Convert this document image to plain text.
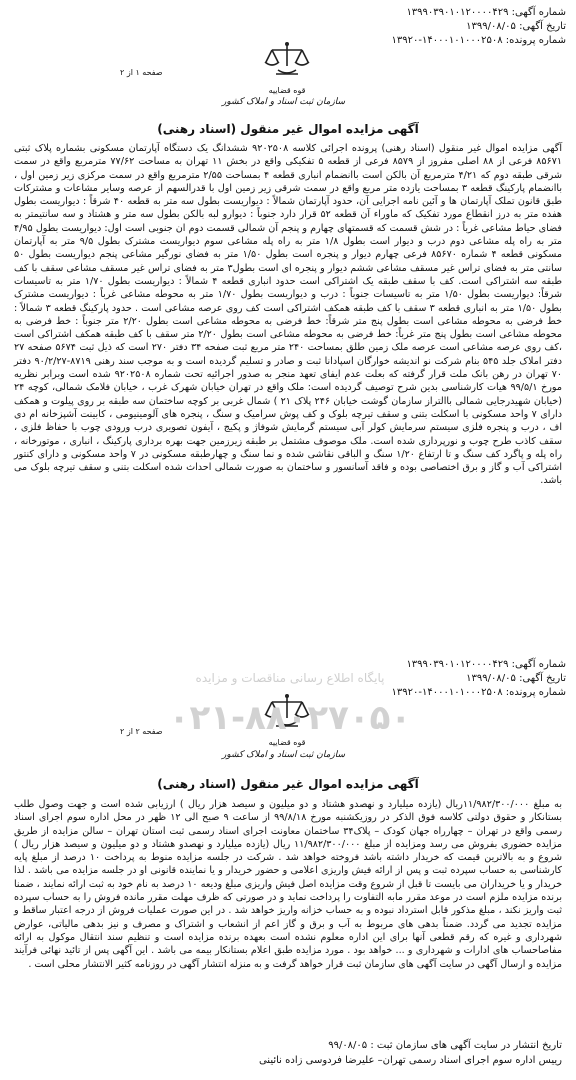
شماره آگهی: ۱۳۹۹۰۳۹۰۱۰۱۲۰۰۰۰۴۲۹
تاریخ آگهی: ۱۳۹۹/۰۸/۰۵
شماره پرونده: ۱۴۰۰۰۱۰۱۰۰۰۲۵۰۸-۱۳۹۲۰
قوه قضاییه
سازمان ثبت اسناد و املاک کشور
صفحه ۱ از ۲
آگهی مزایده اموال غیر منقول (اسناد رهنی)

آگهی مزایده اموال غیر منقول (اسناد رهنی) پرونده اجرائی کلاسه ۹۲۰۲۵۰۸ ششدانگ یک دستگاه آپارتمان مسکونی بشماره پلاک ثبتی ۸۵۶۷۱ فرعی از ۸۸ اصلی مفروز از ۸۵۷۹ فرعی از قطعه ۵ تفکیکی واقع در بخش ۱۱ تهران به مساحت ۷۷/۶۲ مترمربع واقع در سمت شرقی طبقه دوم که ۴/۲۱ مترمربع آن بالکن است باانضمام انباری قطعه ۴ بمساحت ۲/۵۵ مترمربع واقع در سمت مرکزی زیر زمین اول ، باانضمام پارکینگ قطعه ۳ بمساحت یازده متر مربع واقع در سمت شرقی زیر زمین اول با قدرالسهم از عرصه وسایر مشاعات و مشترکات طبق قانون تملک آپارتمان ها و آئین نامه اجرایی آن، حدود آپارتمان شمالاً : دیواریست بطول سه متر به قطعه ۴۰ شرقاً : دیواریست بطول هفده متر به درز انقطاع مورد تفکیک که ماوراء آن قطعه ۵۲ قرار دارد جنوباً : دیوارو لبه بالکن بطول سه متر و هشتاد و سه سانتیمتر به فضای حیاط مشاعی غرباً : در شش قسمت که قسمتهای چهارم و پنجم آن شمالی قسمت دوم ان جنوبی است اول: دیواریست بطول ۴/۹۵ متر به راه پله مشاعی دوم درب و دیوار است بطول ۱/۸ متر به راه پله مشاعی سوم دیواریست مشترک بطول ۹/۵ متر به آپارتمان مسکونی قطعه ۴ شماره ۸۵۶۷۰ فرعی چهارم دیوار و پنجره است بطول ۱/۵۰ متر به فضای نورگیر مشاعی پنجم دیواریست بطول ۵۰ سانتی متر به فضای تراس غیر مسقف مشاعی ششم دیوار و پنجره ای است بطول۳ متر به فضای تراس غیر مسقف مشاعی سقف با کف طبقه سه اشتراکی است. کف با سقف طبقه یک اشتراکی است حدود انباری قطعه ۴ شمالاً : دیواریست بطول ۱/۷۰ متر به تاسیسات شرقاً: دیواریست بطول ۱/۵۰ متر به تاسیسات جنوباً : درب و دیواریست بطول ۱/۷۰ متر به محوطه مشاعی غرباً : دیواریست مشترک بطول ۱/۵۰ متر به انباری قطعه ۳ سقف با کف طبقه همکف اشتراکی است کف روی عرصه مشاعی است . حدود پارکینگ قطعه ۳ شمالاً : خط فرضی به محوطه مشاعی است بطول پنج متر شرقاً: خط فرضی به محوطه مشاعی است بطول ۲/۲۰ متر جنوباً : خط فرضی به محوطه مشاعی است بطول پنج متر غرباً: خط فرضی به محوطه مشاعی است بطول ۲/۲۰ متر سقف با کف طبقه همکف اشتراکی است ،کف روی عرصه مشاعی است عرصه ملک زمین طلق بمساحت ۲۴۰ متر مربع ثبت صفحه ۳۴ دفتر ۲۷۰ است که ذیل ثبت ۵۶۷۴ صفحه ۲۷ دفتر املاک جلد ۵۴۵ بنام شرکت نو اندیشه خوارگان اسپادانا ثبت و صادر و تسلیم گردیده است و به موجب سند رهنی ۸۷۱۹-۹۰/۲/۲۷ دفتر ۷۰ تهران در رهن بانک ملت قرار گرفته که بعلت عدم ایفای تعهد منجر به صدور اجرائیه تحت شماره ۹۲۰۲۵۰۸ شده است وبرابر نظریه مورخ ۹۹/۵/۱ هیات کارشناسی بدین شرح توصیف گردیده است: ملک واقع در تهران خیابان شهرک غرب ، خیابان فلامک شمالی، کوچه ۲۴ (خیابان شهیدرجایی شمالی باالتراز سازمان گوشت خیابان ۲۴۶ پلاک ۲۱ ) شمال غربی بر کوچه ساختمان سه طبقه بر روی پیلوت و همکف دارای ۷ واحد مسکونی با اسکلت بتنی و سقف تیرچه بلوک و کف پوش سرامیک و سنگ ، پنجره های آلومینیومی ، کابینت آشپزخانه ام دی اف ، درب و پنجره فلزی سیستم سرمایش کولر آبی سیستم گرمایش شوفاژ و پکیج ، آیفون تصویری درب ورودی چوب با حفاظ فلزی ، سقف کاذب طرح چوب و نورپردازی شده است. ملک موصوف مشتمل بر طبقه زیرزمین جهت بهره برداری پارکینگ ، انباری ، موتورخانه ، راه پله و پاگرد کف سنگ و تا ارتفاع ۱/۲۰ سنگ و الباقی نقاشی شده و نما سنگ و چهارطبقه مسکونی در ۷ واحد مسکونی و دارای کنتور اشتراکی آب و گاز و برق اختصاصی بوده و فاقد آسانسور و ساختمان به صورت شمالی احداث شده اسکلت بتنی و سقف تیرچه بلوک می باشد.

شماره آگهی: ۱۳۹۹۰۳۹۰۱۰۱۲۰۰۰۰۴۲۹
تاریخ آگهی: ۱۳۹۹/۰۸/۰۵
شماره پرونده: ۱۴۰۰۰۱۰۱۰۰۰۲۵۰۸-۱۳۹۲۰
قوه قضاییه
سازمان ثبت اسناد و املاک کشور
صفحه ۲ از ۲
پایگاه اطلاع رسانی مناقصات و مزایده
۰۲۱-۸۸۰۲۷۰۵۰
آگهی مزایده اموال غیر منقول (اسناد رهنی)

به مبلغ ۱۱/۹۸۲/۳۰۰/۰۰۰ریال (یازده میلیارد و نهصدو هشتاد و دو میلیون و سیصد هزار ریال ) ارزیابی شده است و جهت وصول طلب بستانکار و حقوق دولتی کلاسه فوق الذکر در روزیکشنبه مورخ ۹۹/۸/۱۸ از ساعت ۹ صبح الی ۱۲ ظهر در محل اداره سوم اجرای اسناد رسمی واقع در تهران – چهارراه جهان کودک – پلاک۳۴ ساختمان معاونت اجرای اسناد رسمی ثبت استان تهران – سالن مزایده از طریق مزایده حضوری بفروش می رسد ومزایده از مبلغ ۱۱/۹۸۲/۳۰۰/۰۰۰ ریال (یازده میلیارد و نهصدو هشتاد و دو میلیون و سیصد هزار ریال ) شروع و به بالاترین قیمت که خریدار داشته باشد فروخته خواهد شد . شرکت در جلسه مزایده منوط به پرداخت ۱۰ درصد از مبلغ پایه کارشناسی به حساب سپرده ثبت و پس از ارائه فیش واریزی اعلامی و حضور خریدار و یا نماینده قانونی او در جلسه مزایده می باشد . لذا خریدار و یا خریداران می بایست تا قبل از شروع وقت مزایده اصل فیش واریزی مبلغ ودیعه ۱۰ درصد به نام خود به ثبت ارائه نمایند ، ضمنا برنده مزایده ملزم است در موعد مقرر مابه التفاوت را پرداخت نماید و در صورتی که ظرف مهلت مقرر مانده فروش را به حساب سپرده ثبت واریز نکند ، مبلغ مذکور قابل استرداد نبوده و به حساب خزانه واریز خواهد شد . در این صورت عملیات فروش از درجه اعتبار ساقط و مزایده تجدید می گردد. ضمناً بدهی های مربوط به آب و برق و گاز اعم از انشعاب و اشتراک و مصرف و نیز بدهی مالیاتی، عوارض شهرداری و غیره که رقم قطعی آنها برای این اداره معلوم نشده است بعهده برنده مزایده است و تنظیم سند انتقال موکول به ارائه مفاصاحساب های ادارات و شهرداری و ... خواهد بود . مورد مزایده طبق اعلام بستانکار بیمه می باشد . این آگهی پس از تائید نهائی فرآیند مزایده و ارسال آگهی در سایت آگهی های سازمان ثبت قرار خواهد گرفت و به منزله انتشار آگهی در روزنامه کثیر الانتشار محلی است .

تاریخ انتشار در سایت آگهی های سازمان ثبت : ۹۹/۰۸/۰۵
رییس اداره سوم اجرای اسناد رسمی تهران– علیرضا فردوسی زاده نائینی
